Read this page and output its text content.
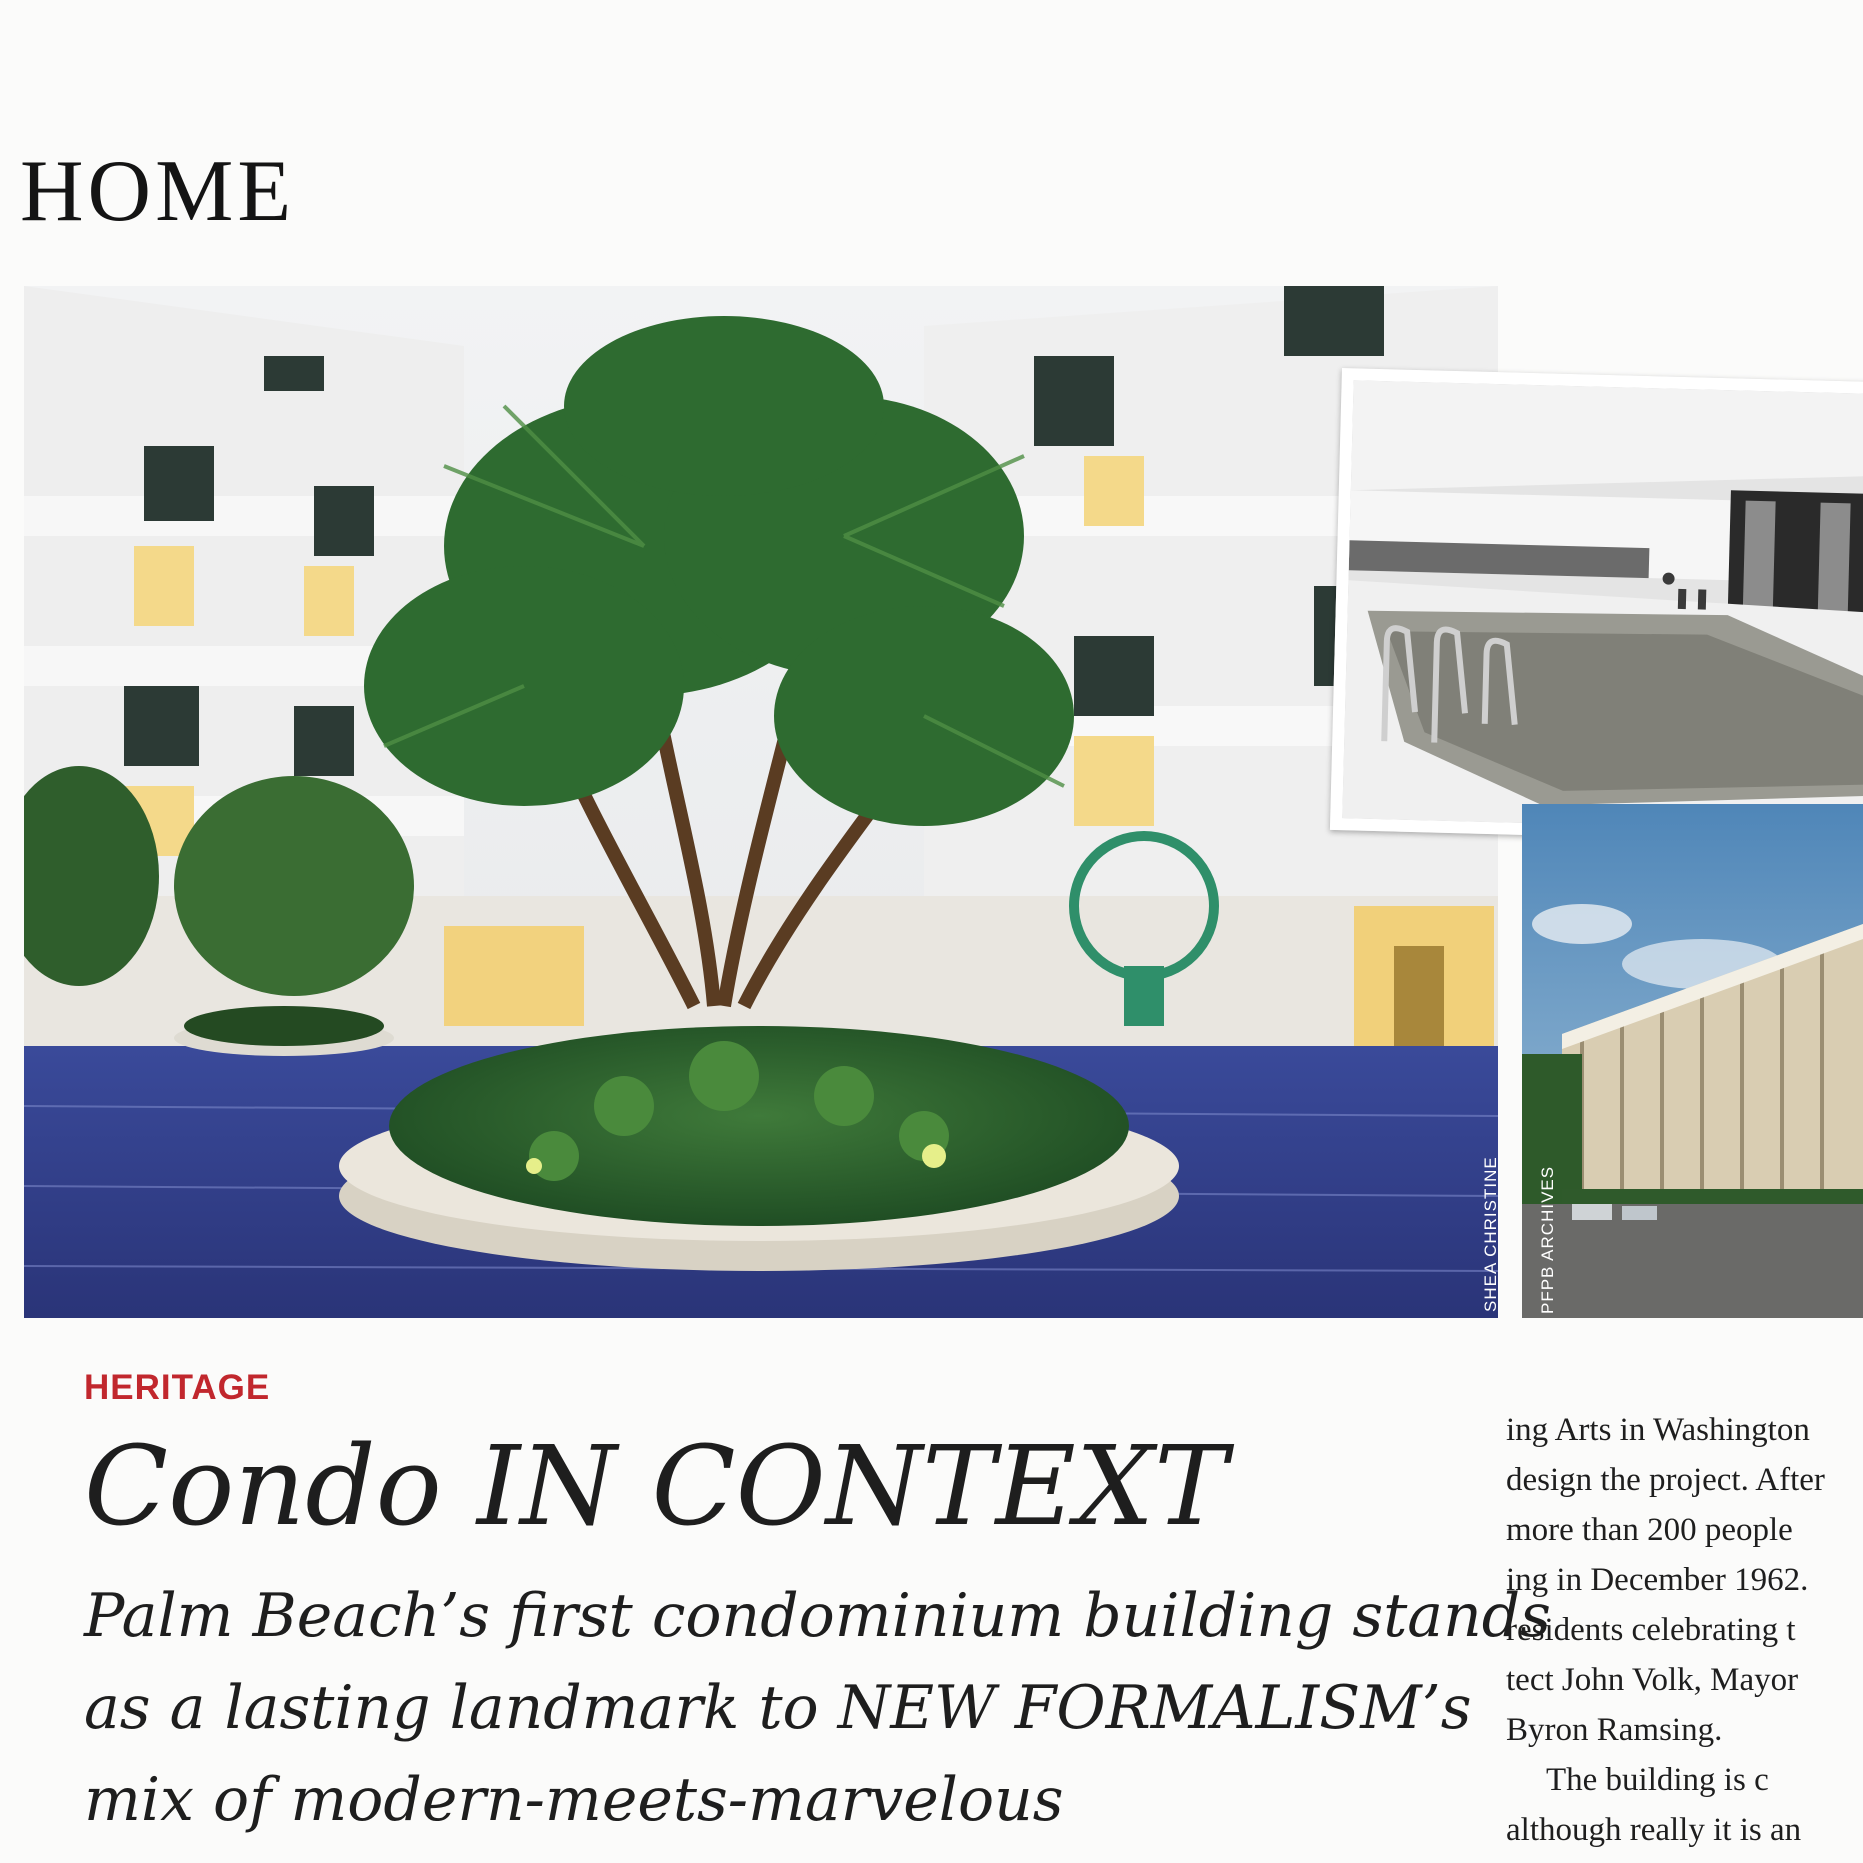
HOME
SHEA CHRISTINE PFPB ARCHIVES
HERITAGE
Condo IN CONTEXT
Palm Beach’s first condominium building stands
as a lasting landmark to NEW FORMALISM’s
mix of modern-meets-marvelous
ing Arts in Washington
design the project. After
more than 200 people
ing in December 1962.
residents celebrating t
tect John Volk, Mayor
Byron Ramsing.
The building is c
although really it is an
